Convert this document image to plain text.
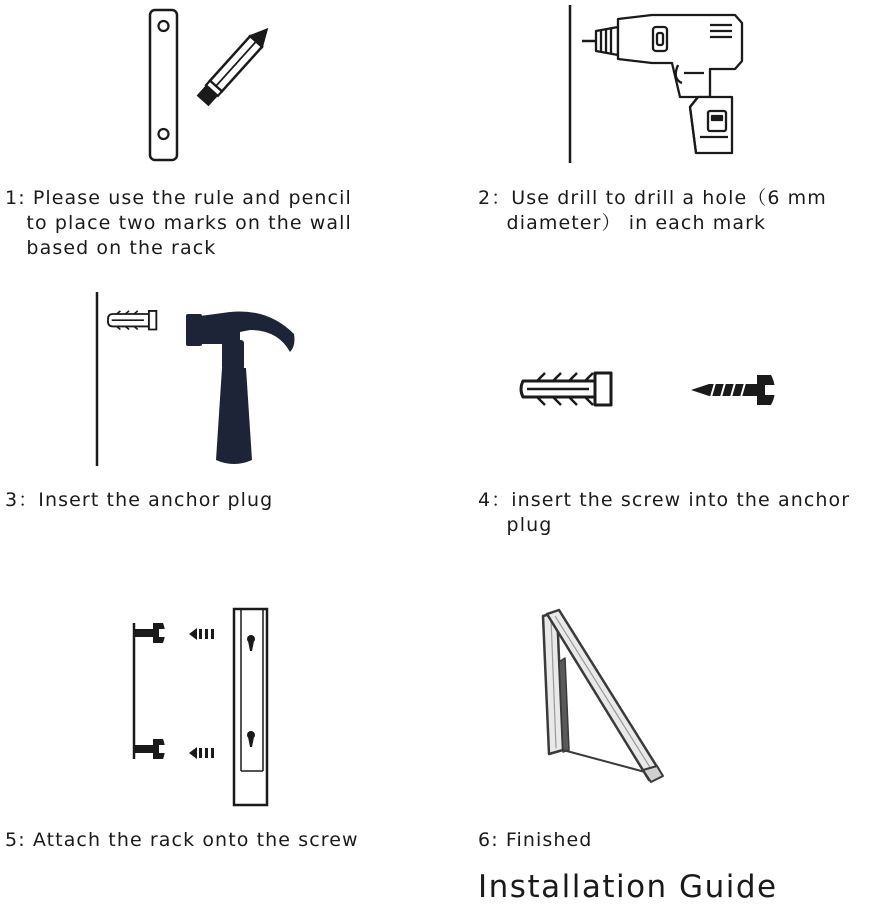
1: Please use the rule and pencil
to place two marks on the wall
based on the rack
2：Use drill to drill a hole（6 mm
diameter） in each mark
3：Insert the anchor plug	4：insert the screw into the anchor
plug
5: Attach the rack onto the screw	6: Finished
Installation Guide
